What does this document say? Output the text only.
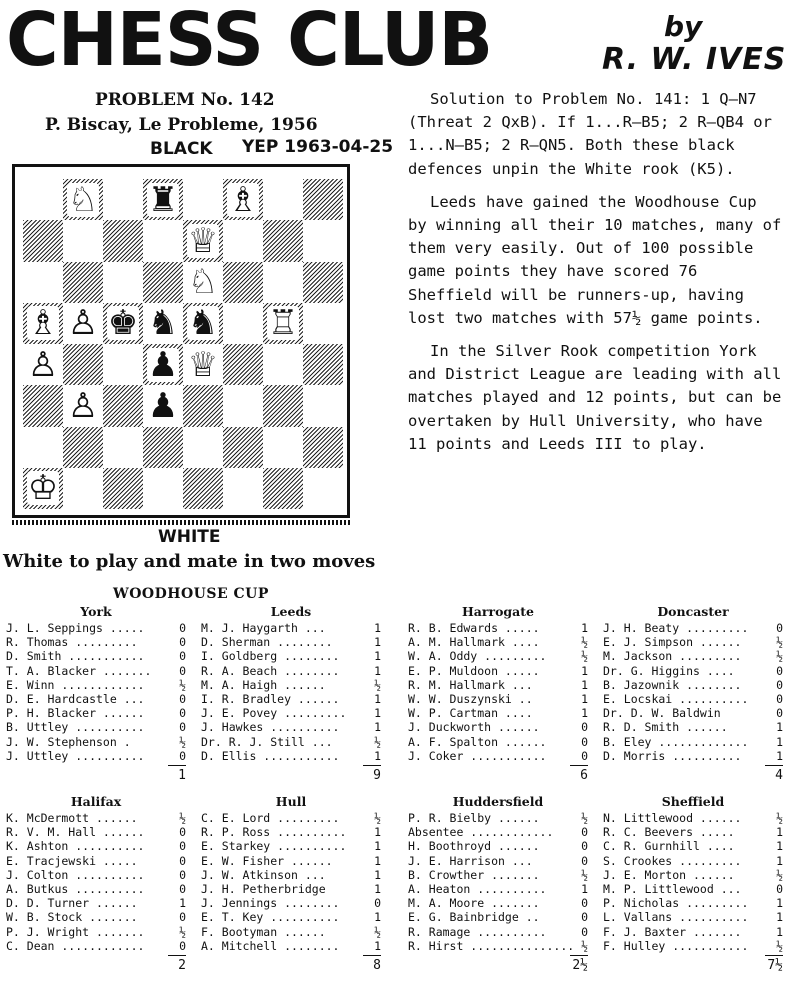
CHESS CLUB	by
R. W. IVES
PROBLEM No. 142
P. Biscay, Le Probleme, 1956
BLACK YEP 1963-04-25
♘ ♜ ♗
♕
♘
♗ ♙ ♚ ♞ ♞ ♖
♙	♟ ♕
♙ ♟
♔
WHITE
White to play and mate in two moves

Solution to Problem No. 141: 1 Q—N7 (Threat 2 QxB). If 1...R—B5; 2 R—QB4 or 1...N—B5; 2 R—QN5. Both these black defences unpin the White rook (K5).

Leeds have gained the Woodhouse Cup by winning all their 10 matches, many of them very easily. Out of 100 possible game points they have scored 76 Sheffield will be runners-up, having lost two matches with 57½ game points.

In the Silver Rook competition York and District League are leading with all matches played and 12 points, but can be overtaken by Hull University, who have 11 points and Leeds III to play.

WOODHOUSE CUP
York
J. L. Seppings .....	0
R. Thomas .........	0
D. Smith ...........	0
T. A. Blacker ....... 0
E. Winn ............	½
D. E. Hardcastle ...	0
P. H. Blacker ......	0
B. Uttley ..........	0
J. W. Stephenson .	½
J. Uttley ..........	0
1
Leeds
M. J. Haygarth ...	1
D. Sherman ........	1
I. Goldberg ........	1
R. A. Beach ........	1
M. A. Haigh ......	½
I. R. Bradley ......	1
J. E. Povey ......... 1
J. Hawkes ..........	1
Dr. R. J. Still ...	½
D. Ellis ...........	1
9
Harrogate
R. B. Edwards .....	1
A. M. Hallmark ....	½
W. A. Oddy .........	½
E. P. Muldoon .....	1
R. M. Hallmark ...	1
W. W. Duszynski ..	1
W. P. Cartman ....	1
J. Duckworth ......	0
A. F. Spalton ......	0
J. Coker ...........	0
6
Doncaster
J. H. Beaty ......... 0
E. J. Simpson ......	½
M. Jackson .........	½
Dr. G. Higgins ....	0
B. Jazownik ........	0
E. Locskai .......... 0
Dr. D. W. Baldwin	0
R. D. Smith ......	1
B. Eley ............. 1
D. Morris ..........	1
4
Halifax
K. McDermott ......	½
R. V. M. Hall ......	0
K. Ashton ..........	0
E. Tracjewski .....	0
J. Colton ..........	0
A. Butkus ..........	0
D. D. Turner ......	1
W. B. Stock .......	0
P. J. Wright .......	½
C. Dean ............	0
2
Hull
C. E. Lord .........	½
R. P. Ross .......... 1
E. Starkey .......... 1
E. W. Fisher ......	1
J. W. Atkinson ...	1
J. H. Petherbridge	1
J. Jennings ........	0
E. T. Key ..........	1
F. Bootyman ......	½
A. Mitchell ........	1
8
Huddersfield
P. R. Bielby ......	½
Absentee ............ 0
H. Boothroyd ......	0
J. E. Harrison ...	0
B. Crowther .......	½
A. Heaton ..........	1
M. A. Moore .......	0
E. G. Bainbridge ..	0
R. Ramage ..........	0
R. Hirst ............... ½
2½
Sheffield
N. Littlewood ......	½
R. C. Beevers .....	1
C. R. Gurnhill ....	1
S. Crookes .........	1
J. E. Morton ......	½
M. P. Littlewood ...	0
P. Nicholas ......... 1
L. Vallans .......... 1
F. J. Baxter .......	1
F. Hulley ........... ½
7½
